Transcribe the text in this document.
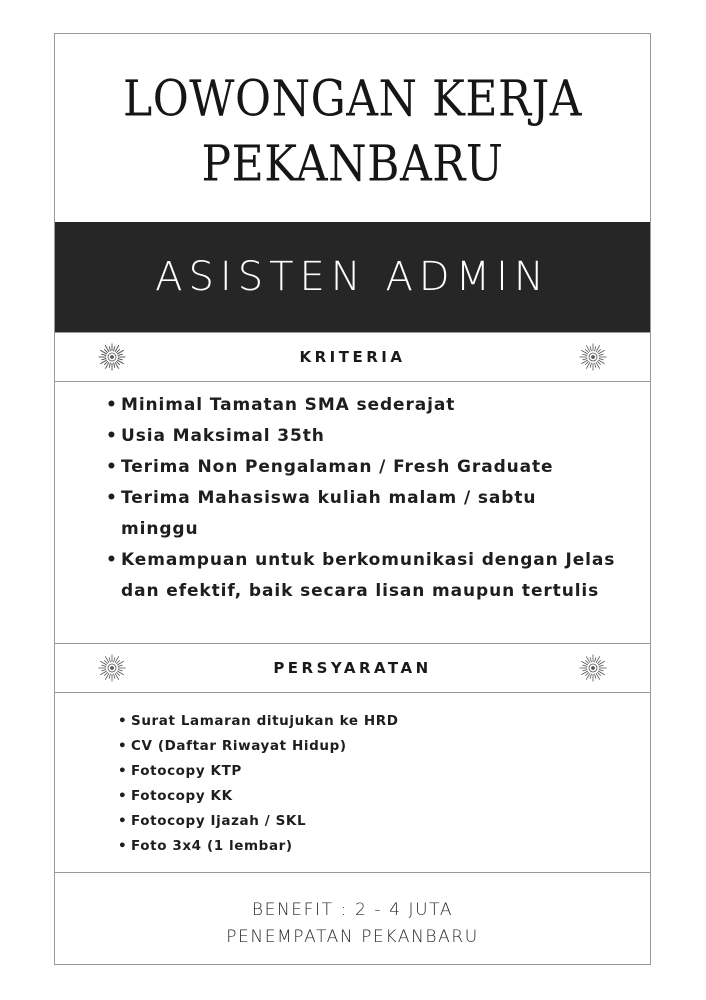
LOWONGAN KERJA
PEKANBARU
ASISTEN ADMIN
KRITERIA
• Minimal Tamatan SMA sederajat
• Usia Maksimal 35th
• Terima Non Pengalaman / Fresh Graduate
• Terima Mahasiswa kuliah malam / sabtu minggu
• Kemampuan untuk berkomunikasi dengan Jelas dan efektif, baik secara lisan maupun tertulis
PERSYARATAN
• Surat Lamaran ditujukan ke HRD
• CV (Daftar Riwayat Hidup)
• Fotocopy KTP
• Fotocopy KK
• Fotocopy Ijazah / SKL
• Foto 3x4 (1 lembar)
BENEFIT : 2 - 4 JUTA
PENEMPATAN PEKANBARU
